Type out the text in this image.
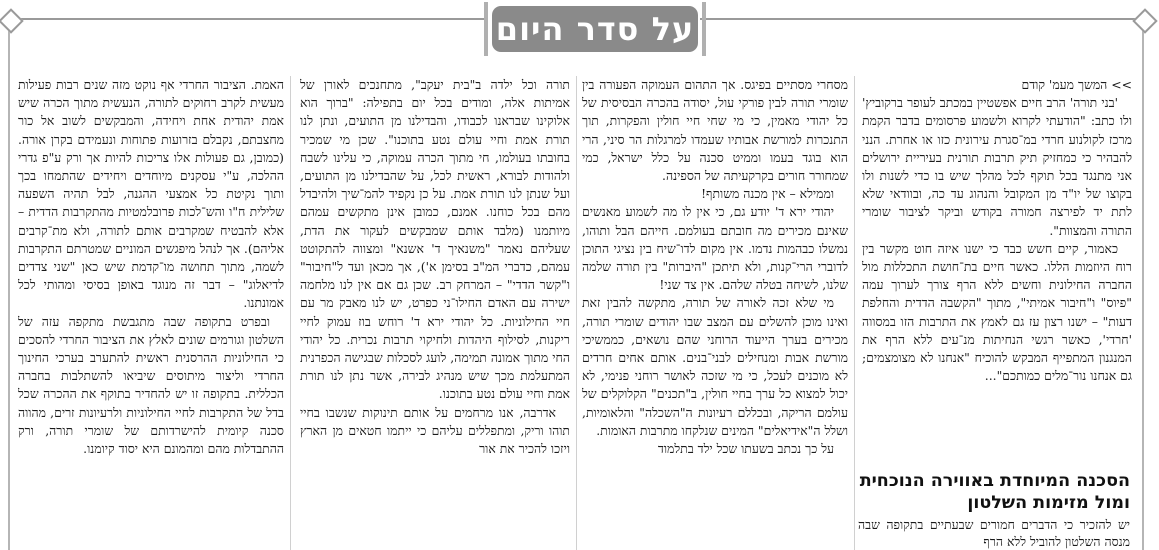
על סדר היום

>> המשך מעמ' קודם

'בני תורה' הרב חיים אפשטיין במכתב לעופר ברקוביץ' ולו כתב: "הודעתי לקרוא ולשמוע פרסומים בדבר הקמת מרכז לקולנוע חרדי במ־סגרת עירונית כזו או אחרת. הנני להבהיר כי כמחזיק תיק תרבות תורנית בעיריית ירושלים אני מתנגד בכל תוקף לכל מהלך שיש בו כדי לשנות ולו בקוצו של יו"ד מן המקובל והנהוג עד כה, ובוודאי שלא לתת יד לפירצה חמורה בקודש וביקר לציבור שומרי התורה והמצוות".

כאמור, קיים חשש כבד כי ישנו איזה חוט מקשר בין רוח היוזמות הללו. כאשר חיים בת־חושת התכללות מול החברה החילונית וחשים ללא הרף צורך לערוך עמה "פיוס" ו"חיבור אמיתי", מתוך "הקשבה הדדית והחלפת דעות" – ישנו רצון עז גם לאמץ את התרבות הזו במסווה 'חרדי', כאשר רגשי הנחיתות מנ־עים ללא הרף את המנגנון המתפייף המבקש להוכיח "אנחנו לא מצומצמים; גם אנחנו נור־מלים כמותכם"...

הסכנה המיוחדת באווירה הנוכחית ומול מזימות השלטון

יש להזכיר כי הדברים חמורים שבעתיים בתקופה שבה מנסה השלטון להוביל ללא הרף

מסחרי מסתיים בפיגס. אך התהום העמוקה הפעורה בין שומרי תורה לבין פורקי עול, יסודה בהכרה הבסיסית של כל יהודי מאמין, כי מי שחי חיי חולין והפקרות, תוך התנכרות למורשת אבותיו שעמדו למרגלות הר סיני, הרי הוא בוגד בעמו וממיט סכנה על כלל ישראל, כמי שמחורר חורים בקרקעיתה של הספינה.

וממילא – אין מכנה משותף!

יהודי ירא ד' יודע גם, כי אין לו מה לשמוע מאנשים שאינם מכירים מה חובתם בעולמם. חייהם הבל ותוהו, נמשלו כבהמות נדמו. אין מקום לדו־שיח בין נציגי התוכן לדוברי הרי־קנות, ולא תיתכן "היברות" בין תורה שלמה שלנו, לשיחה בטלה שלהם. אין צד שני!

מי שלא זכה לאורה של תורה, מתקשה להבין זאת ואינו מוכן להשלים עם המצב שבו יהודים שומרי תורה, מכירים בערך הייעוד הרוחני שהם נושאים, כממשיכי מורשת אבות ומנחילים לבני־בנים. אותם אחים חרדים לא מוכנים לעכל, כי מי שזכה לאושר רוחני פנימי, לא יכול למצוא כל ערך בחיי חולין, ב"תכנים" הקלוקלים של עולמם הריקה, ובכללם רעיונות ה"השכלה" והלאומיות, ושלל ה"אידיאלים" המינים שנלקחו מתרבות האומות.

על כך נכתב בשעתו שכל ילד בתלמוד

תורה וכל ילדה ב"בית יעקב", מתחנכים לאורן של אמיתות אלה, ומודים בכל יום בתפילה: "ברוך הוא אלוקינו שבראנו לכבודו, והבדילנו מן התועים, ונתן לנו תורת אמת וחיי עולם נטע בתוכנו". שכן מי שמכיר בחובתו בעולמו, חי מתוך הכרה עמוקה, כי עלינו לשבח ולהודות לבורא, ראשית לכל, על שהבדילנו מן התועים, ועל שנתן לנו תורת אמת. על כן נקפיד להמ־שיך ולהיבדל מהם בכל כוחנו. אמנם, כמובן אינן מתקשים עמהם מיותמנו (מלבד אותם שמבקשים לעקור את הדת, שעליהם נאמר "משנאיך ד' אשנא" ומצווה להתקוטט עמהם, כדברי המ"ב בסימן א'), אך מכאן ועד ל"חיבור" ו"קשר הדדי" – המרחק רב. שכן גם אם אין לנו מלחמה ישירה עם האדם החילו־ני כפרט, יש לנו מאבק מר עם חיי החילוניות. כל יהודי ירא ד' רוחש בוז עמוק לחיי ריקנות, לסילוף היהדות ולחיקוי תרבות נכרית. כל יהודי החי מתוך אמונה תמימה, לועג לסכלות שבגישה הכפרנית המתעלמת מכך שיש מנהיג לבירה, אשר נתן לנו תורת אמת וחיי עולם נטע בתוכנו.

אדרבה, אנו מרחמים על אותם תינוקות שנשבו בחיי תוהו וריק, ומתפללים עליהם כי ייתמו חטאים מן הארץ ויזכו להכיר את אור

האמת. הציבור החרדי אף נוקט מזה שנים רבות פעילות מעשית לקרב רחוקים לתורה, הנעשית מתוך הכרה שיש אמת יהודית אחת ויחידה, והמבקשים לשוב אל כור מחצבתם, נקבלם בזרועות פתוחות ונעמידם בקרן אורה. (כמובן, גם פעולות אלו צריכות להיות אך ורק ע"פ גדרי ההלכה, ע"י עסקנים מיוחדים ויחידים שהתמחו בכך ותוך נקיטת כל אמצעי ההגנה, לבל תהיה השפעה שלילית ח"ו והש־לכות פרובלמטיות מהתקרבות הדדית – אלא להבטיח שמקרבים אותם לתורה, ולא מת־קרבים אליהם). אך לנהל מיפגשים המוניים שמטרתם התקרבות לשמה, מתוך תחושה מו־קדמת שיש כאן "שני צדדים לדיאלוג" – דבר זה מנוגד באופן בסיסי ומהותי לכל אמונתנו.

ובפרט בתקופה שבה מתגבשת מתקפה עזה של השלטון וגורמים שונים לאלץ את הציבור החרדי להסכים כי החילוניות ההרסנית ראשית להתערב בערכי החינוך החרדי וליצור מיתוסים שיביאו להשתלבות בחברה הכללית. בתקופה זו יש להחדיר בתוקף את ההכרה שכל בדל של התקרבות לחיי החילוניות ולרעיונות זרים, מהווה סכנה קיומית להישרדותם של שומרי תורה, ורק ההתבדלות מהם ומהמונם היא יסוד קיומנו.
